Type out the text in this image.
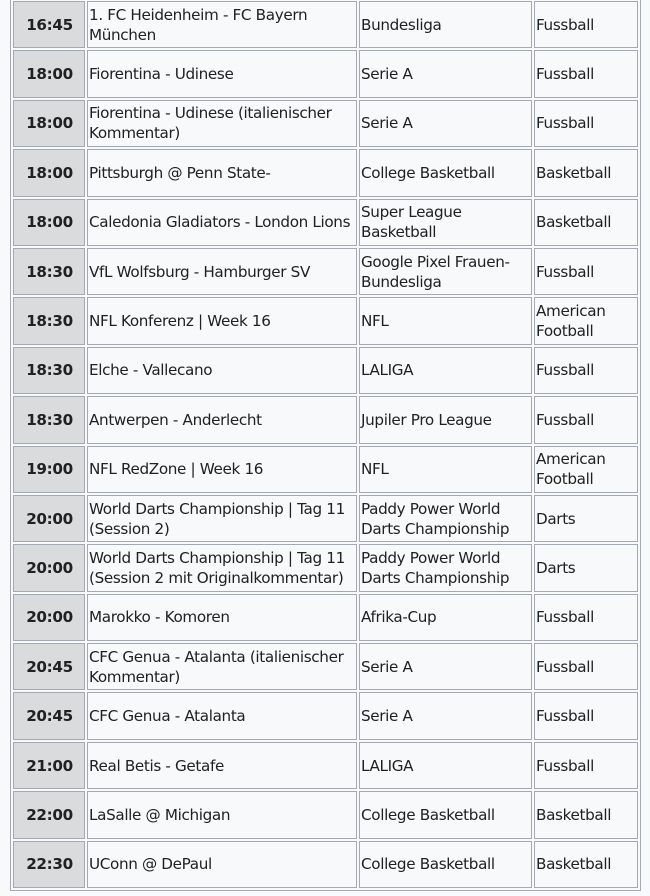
16:45	1. FC Heidenheim - FC Bayern München	Bundesliga	Fussball
18:00	Fiorentina - Udinese	Serie A	Fussball
18:00	Fiorentina - Udinese (italienischer Kommentar)	Serie A	Fussball
18:00	Pittsburgh @ Penn State-	College Basketball	Basketball
18:00	Caledonia Gladiators - London Lions	Super League Basketball	Basketball
18:30	VfL Wolfsburg - Hamburger SV	Google Pixel Frauen-Bundesliga	Fussball
18:30	NFL Konferenz | Week 16	NFL	American Football
18:30	Elche - Vallecano	LALIGA	Fussball
18:30	Antwerpen - Anderlecht	Jupiler Pro League	Fussball
19:00	NFL RedZone | Week 16	NFL	American Football
20:00	World Darts Championship | Tag 11 (Session 2)	Paddy Power World Darts Championship	Darts
20:00	World Darts Championship | Tag 11 (Session 2 mit Originalkommentar)	Paddy Power World Darts Championship	Darts
20:00	Marokko - Komoren	Afrika-Cup	Fussball
20:45	CFC Genua - Atalanta (italienischer Kommentar)	Serie A	Fussball
20:45	CFC Genua - Atalanta	Serie A	Fussball
21:00	Real Betis - Getafe	LALIGA	Fussball
22:00	LaSalle @ Michigan	College Basketball	Basketball
22:30	UConn @ DePaul	College Basketball	Basketball
